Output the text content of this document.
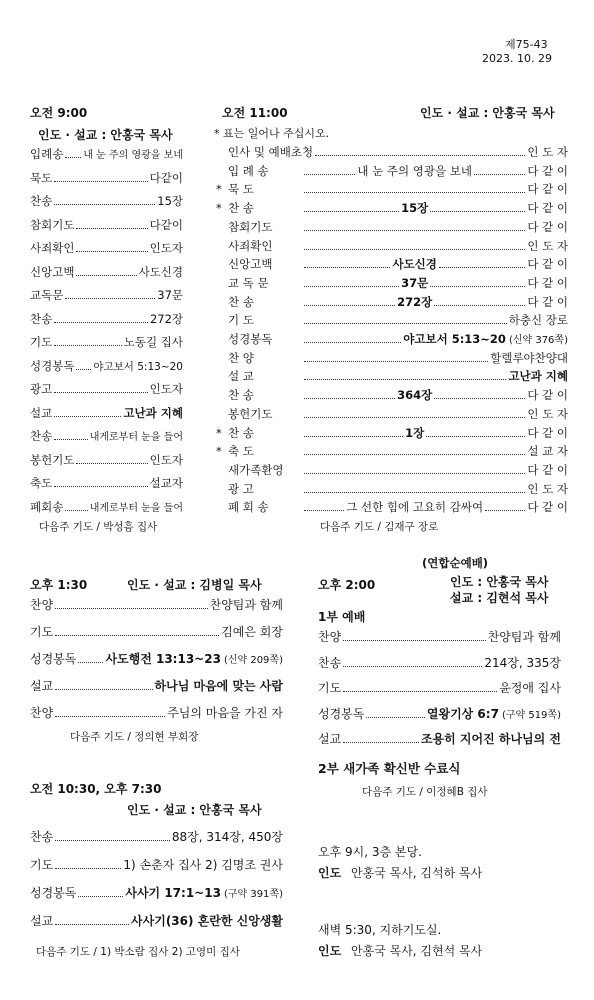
제75-43
2023. 10. 29
오전 9:00
인도 · 설교 : 안홍국 목사
입례송 내 눈 주의 영광을 보네
묵도	다같이
찬송	15장
참회기도	다같이
사죄확인	인도자
신앙고백	사도신경
교독문	37문
찬송	272장
기도	노동길 집사
성경봉독 야고보서 5:13~20
광고	인도자
설교	고난과 지혜
찬송	내게로부터 눈을 들어
봉헌기도	인도자
축도	설교자
폐회송	내게로부터 눈을 들어
다음주 기도 / 박성흠 집사
오전 11:00	인도 · 설교 : 안홍국 목사
* 표는 일어나 주십시오.
인사 및 예배초청	인 도 자
입 례 송	내 눈 주의 영광을 보네	다 같 이
* 묵 도	다 같 이
* 찬 송	15장	다 같 이
참회기도	다 같 이
사죄확인	인 도 자
신앙고백	사도신경	다 같 이
교 독 문	37문	다 같 이
찬 송	272장	다 같 이
기 도	하충신 장로
성경봉독	야고보서 5:13~20 (신약 376쪽)
찬 양	할렐루야찬양대
설 교	고난과 지혜
찬 송	364장	다 같 이
봉헌기도	인 도 자
* 찬 송	1장	다 같 이
* 축 도	설 교 자
새가족환영	다 같 이
광 고	인 도 자
폐 회 송	그 선한 힘에 고요히 감싸여	다 같 이
다음주 기도 / 김재구 장로
오후 1:30	인도 · 설교 : 김병일 목사
찬양	찬양팀과 함께
기도	김예은 회장
성경봉독 사도행전 13:13~23 (신약 209쪽)
설교	하나님 마음에 맞는 사람
찬양	주님의 마음을 가진 자
다음주 기도 / 정의현 부회장
오전 10:30, 오후 7:30
인도 · 설교 : 안홍국 목사
찬송	88장, 314장, 450장
기도	1) 손춘자 집사 2) 김명조 권사
성경봉독	사사기 17:1~13 (구약 391쪽)
설교	사사기(36) 혼란한 신앙생활
다음주 기도 / 1) 박소람 집사 2) 고영미 집사
(연합순예배)
오후 2:00	인도 : 안홍국 목사
설교 : 김현석 목사
1부 예배
찬양	찬양팀과 함께
찬송	214장, 335장
기도	윤정애 집사
성경봉독	열왕기상 6:7 (구약 519쪽)
설교	조용히 지어진 하나님의 전
2부 새가족 확신반 수료식
다음주 기도 / 이정혜B 집사
오후 9시, 3층 본당.
인도 안홍국 목사, 김석하 목사
새벽 5:30, 지하기도실.
인도 안홍국 목사, 김현석 목사
